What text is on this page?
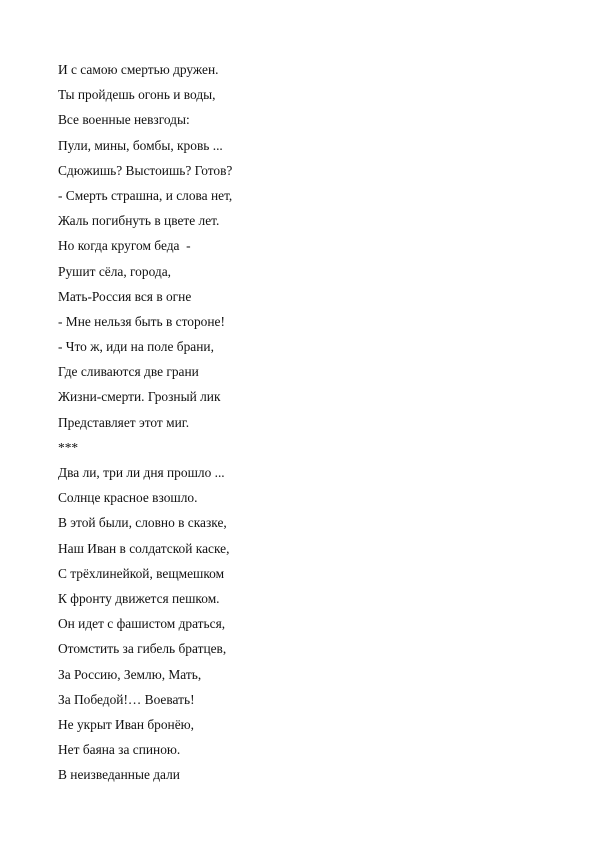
И с самою смертью дружен.
Ты пройдешь огонь и воды,
Все военные невзгоды:
Пули, мины, бомбы, кровь ...
Сдюжишь? Выстоишь? Готов?
- Смерть страшна, и слова нет,
Жаль погибнуть в цвете лет.
Но когда кругом беда  -
Рушит сёла, города,
Мать-Россия вся в огне
- Мне нельзя быть в стороне!
- Что ж, иди на поле брани,
Где сливаются две грани
Жизни-смерти. Грозный лик
Представляет этот миг.
***
Два ли, три ли дня прошло ...
Солнце красное взошло.
В этой были, словно в сказке,
Наш Иван в солдатской каске,
С трёхлинейкой, вещмешком
К фронту движется пешком.
Он идет с фашистом драться,
Отомстить за гибель братцев,
За Россию, Землю, Мать,
За Победой!… Воевать!
Не укрыт Иван бронёю,
Нет баяна за спиною.
В неизведанные дали
